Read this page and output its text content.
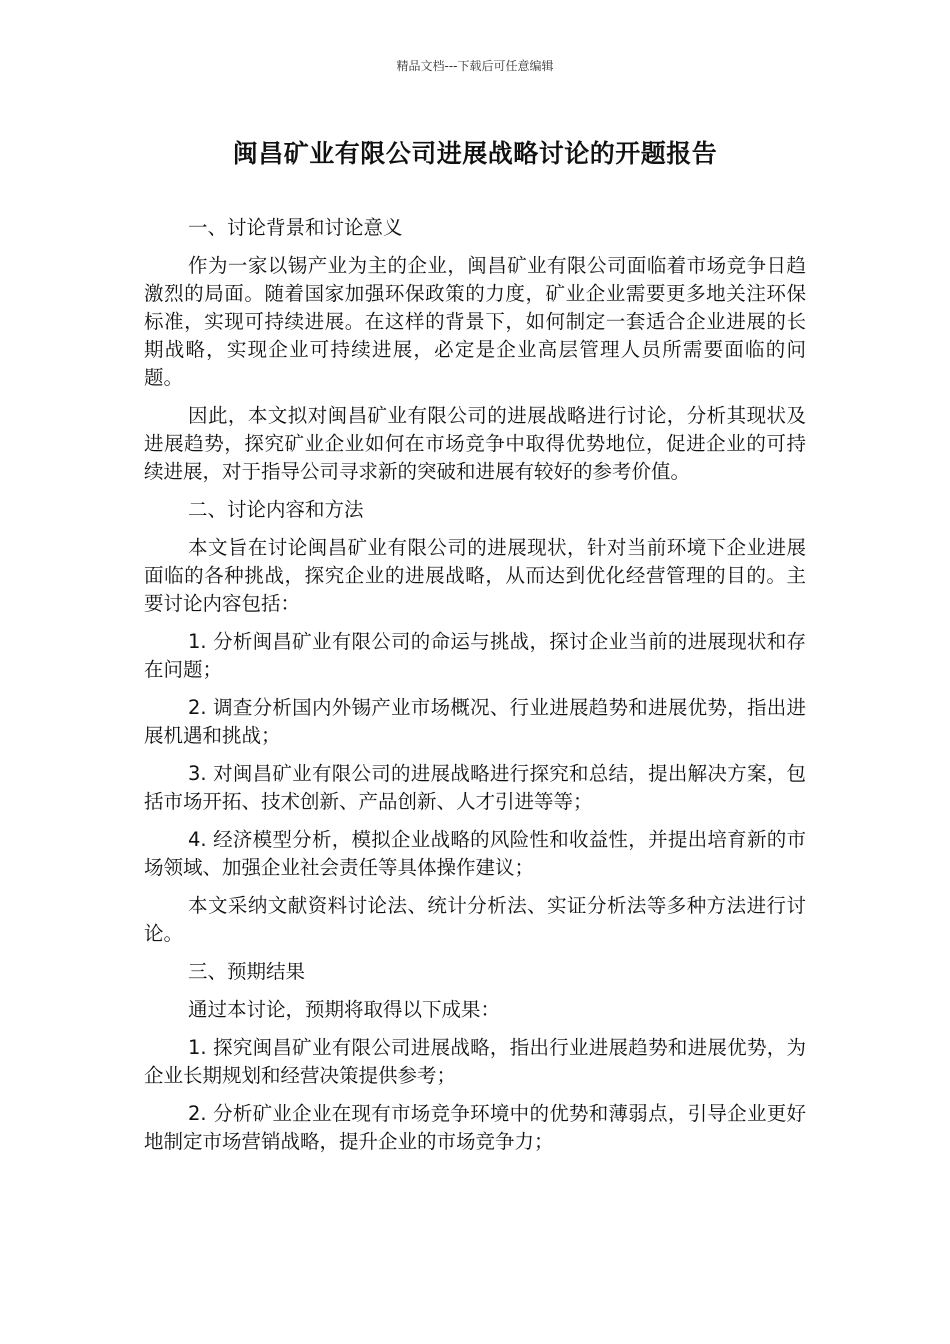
精品文档---下载后可任意编辑
闽昌矿业有限公司进展战略讨论的开题报告

一、讨论背景和讨论意义

作为一家以锡产业为主的企业，闽昌矿业有限公司面临着市场竞争日趋激烈的局面。随着国家加强环保政策的力度，矿业企业需要更多地关注环保标准，实现可持续进展。在这样的背景下，如何制定一套适合企业进展的长期战略，实现企业可持续进展，必定是企业高层管理人员所需要面临的问题。

因此，本文拟对闽昌矿业有限公司的进展战略进行讨论，分析其现状及进展趋势，探究矿业企业如何在市场竞争中取得优势地位，促进企业的可持续进展，对于指导公司寻求新的突破和进展有较好的参考价值。

二、讨论内容和方法

本文旨在讨论闽昌矿业有限公司的进展现状，针对当前环境下企业进展面临的各种挑战，探究企业的进展战略，从而达到优化经营管理的目的。主要讨论内容包括：

1. 分析闽昌矿业有限公司的命运与挑战，探讨企业当前的进展现状和存在问题；

2. 调查分析国内外锡产业市场概况、行业进展趋势和进展优势，指出进展机遇和挑战；

3. 对闽昌矿业有限公司的进展战略进行探究和总结，提出解决方案，包括市场开拓、技术创新、产品创新、人才引进等等；

4. 经济模型分析，模拟企业战略的风险性和收益性，并提出培育新的市场领域、加强企业社会责任等具体操作建议；

本文采纳文献资料讨论法、统计分析法、实证分析法等多种方法进行讨论。

三、预期结果

通过本讨论，预期将取得以下成果：

1. 探究闽昌矿业有限公司进展战略，指出行业进展趋势和进展优势，为企业长期规划和经营决策提供参考；

2. 分析矿业企业在现有市场竞争环境中的优势和薄弱点，引导企业更好地制定市场营销战略，提升企业的市场竞争力；
